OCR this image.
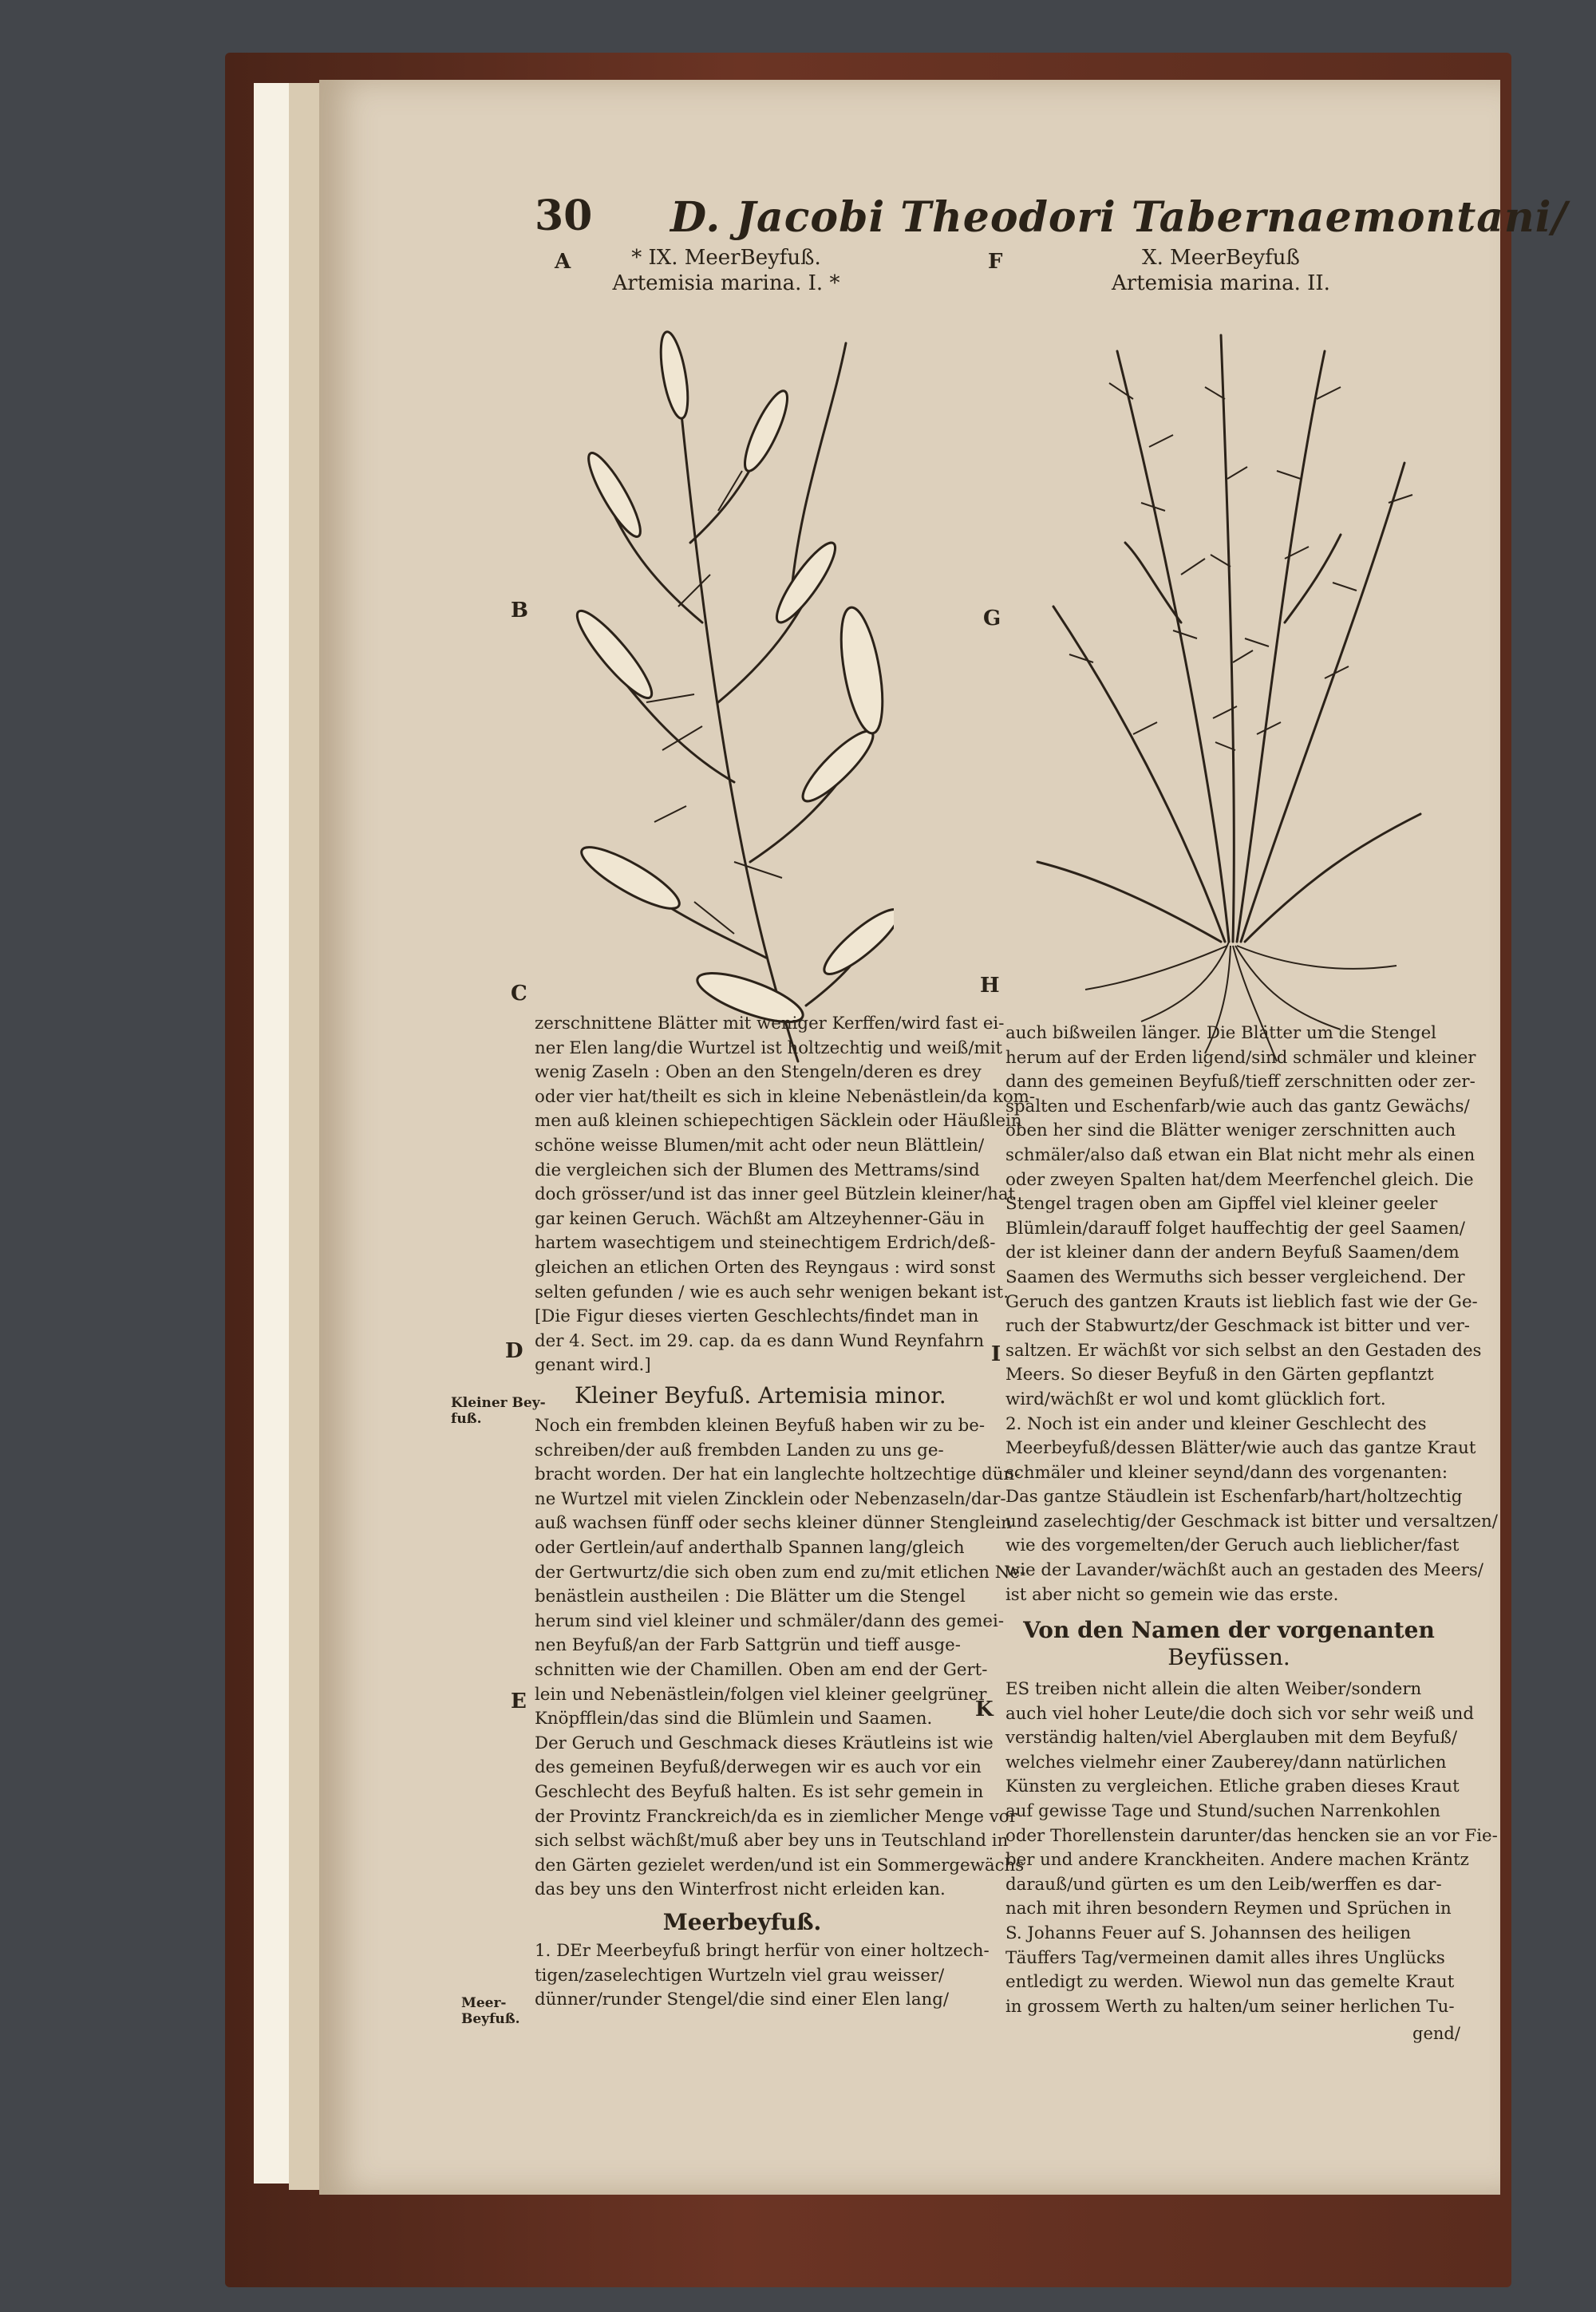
30 D. Jacobi Theodori Tabernaemontani/
* IX. MeerBeyfuß.
Artemisia marina. I. *
X. MeerBeyfuß
Artemisia marina. II.
A	F
B	G
C	H
D	I
E	K

zerschnittene Blätter mit weniger Kerffen/wird fast ei-

ner Elen lang/die Wurtzel ist holtzechtig und weiß/mit

wenig Zaseln : Oben an den Stengeln/deren es drey

oder vier hat/theilt es sich in kleine Nebenästlein/da kom-

men auß kleinen schiepechtigen Säcklein oder Häußlein

schöne weisse Blumen/mit acht oder neun Blättlein/

die vergleichen sich der Blumen des Mettrams/sind

doch grösser/und ist das inner geel Bützlein kleiner/hat

gar keinen Geruch. Wächßt am Altzeyhenner-Gäu in

hartem wasechtigem und steinechtigem Erdrich/deß-

gleichen an etlichen Orten des Reyngaus : wird sonst

selten gefunden / wie es auch sehr wenigen bekant ist.

[Die Figur dieses vierten Geschlechts/findet man in

der 4. Sect. im 29. cap. da es dann Wund Reynfahrn

genant wird.]

Kleiner Bey-
fuß.
Kleiner Beyfuß. Artemisia minor.

Noch ein frembden kleinen Beyfuß haben wir zu be-

schreiben/der auß frembden Landen zu uns ge-

bracht worden. Der hat ein langlechte holtzechtige dün-

ne Wurtzel mit vielen Zincklein oder Nebenzaseln/dar-

auß wachsen fünff oder sechs kleiner dünner Stenglein

oder Gertlein/auf anderthalb Spannen lang/gleich

der Gertwurtz/die sich oben zum end zu/mit etlichen Ne-

benästlein austheilen : Die Blätter um die Stengel

herum sind viel kleiner und schmäler/dann des gemei-

nen Beyfuß/an der Farb Sattgrün und tieff ausge-

schnitten wie der Chamillen. Oben am end der Gert-

lein und Nebenästlein/folgen viel kleiner geelgrüner

Knöpfflein/das sind die Blümlein und Saamen.

Der Geruch und Geschmack dieses Kräutleins ist wie

des gemeinen Beyfuß/derwegen wir es auch vor ein

Geschlecht des Beyfuß halten. Es ist sehr gemein in

der Provintz Franckreich/da es in ziemlicher Menge vor

sich selbst wächßt/muß aber bey uns in Teutschland in

den Gärten gezielet werden/und ist ein Sommergewächs

das bey uns den Winterfrost nicht erleiden kan.

Meerbeyfuß.
Meer-
Beyfuß.

1. DEr Meerbeyfuß bringt herfür von einer holtzech-

tigen/zaselechtigen Wurtzeln viel grau weisser/

dünner/runder Stengel/die sind einer Elen lang/

auch bißweilen länger. Die Blätter um die Stengel

herum auf der Erden ligend/sind schmäler und kleiner

dann des gemeinen Beyfuß/tieff zerschnitten oder zer-

spalten und Eschenfarb/wie auch das gantz Gewächs/

oben her sind die Blätter weniger zerschnitten auch

schmäler/also daß etwan ein Blat nicht mehr als einen

oder zweyen Spalten hat/dem Meerfenchel gleich. Die

Stengel tragen oben am Gipffel viel kleiner geeler

Blümlein/darauff folget hauffechtig der geel Saamen/

der ist kleiner dann der andern Beyfuß Saamen/dem

Saamen des Wermuths sich besser vergleichend. Der

Geruch des gantzen Krauts ist lieblich fast wie der Ge-

ruch der Stabwurtz/der Geschmack ist bitter und ver-

saltzen. Er wächßt vor sich selbst an den Gestaden des

Meers. So dieser Beyfuß in den Gärten gepflantzt

wird/wächßt er wol und komt glücklich fort.

2. Noch ist ein ander und kleiner Geschlecht des

Meerbeyfuß/dessen Blätter/wie auch das gantze Kraut

schmäler und kleiner seynd/dann des vorgenanten:

Das gantze Stäudlein ist Eschenfarb/hart/holtzechtig

und zaselechtig/der Geschmack ist bitter und versaltzen/

wie des vorgemelten/der Geruch auch lieblicher/fast

wie der Lavander/wächßt auch an gestaden des Meers/

ist aber nicht so gemein wie das erste.

Von den Namen der vorgenanten
Beyfüssen.

ES treiben nicht allein die alten Weiber/sondern

auch viel hoher Leute/die doch sich vor sehr weiß und

verständig halten/viel Aberglauben mit dem Beyfuß/

welches vielmehr einer Zauberey/dann natürlichen

Künsten zu vergleichen. Etliche graben dieses Kraut

auf gewisse Tage und Stund/suchen Narrenkohlen

oder Thorellenstein darunter/das hencken sie an vor Fie-

ber und andere Kranckheiten. Andere machen Kräntz

darauß/und gürten es um den Leib/werffen es dar-

nach mit ihren besondern Reymen und Sprüchen in

S. Johanns Feuer auf S. Johannsen des heiligen

Täuffers Tag/vermeinen damit alles ihres Unglücks

entledigt zu werden. Wiewol nun das gemelte Kraut

in grossem Werth zu halten/um seiner herlichen Tu-

gend/
